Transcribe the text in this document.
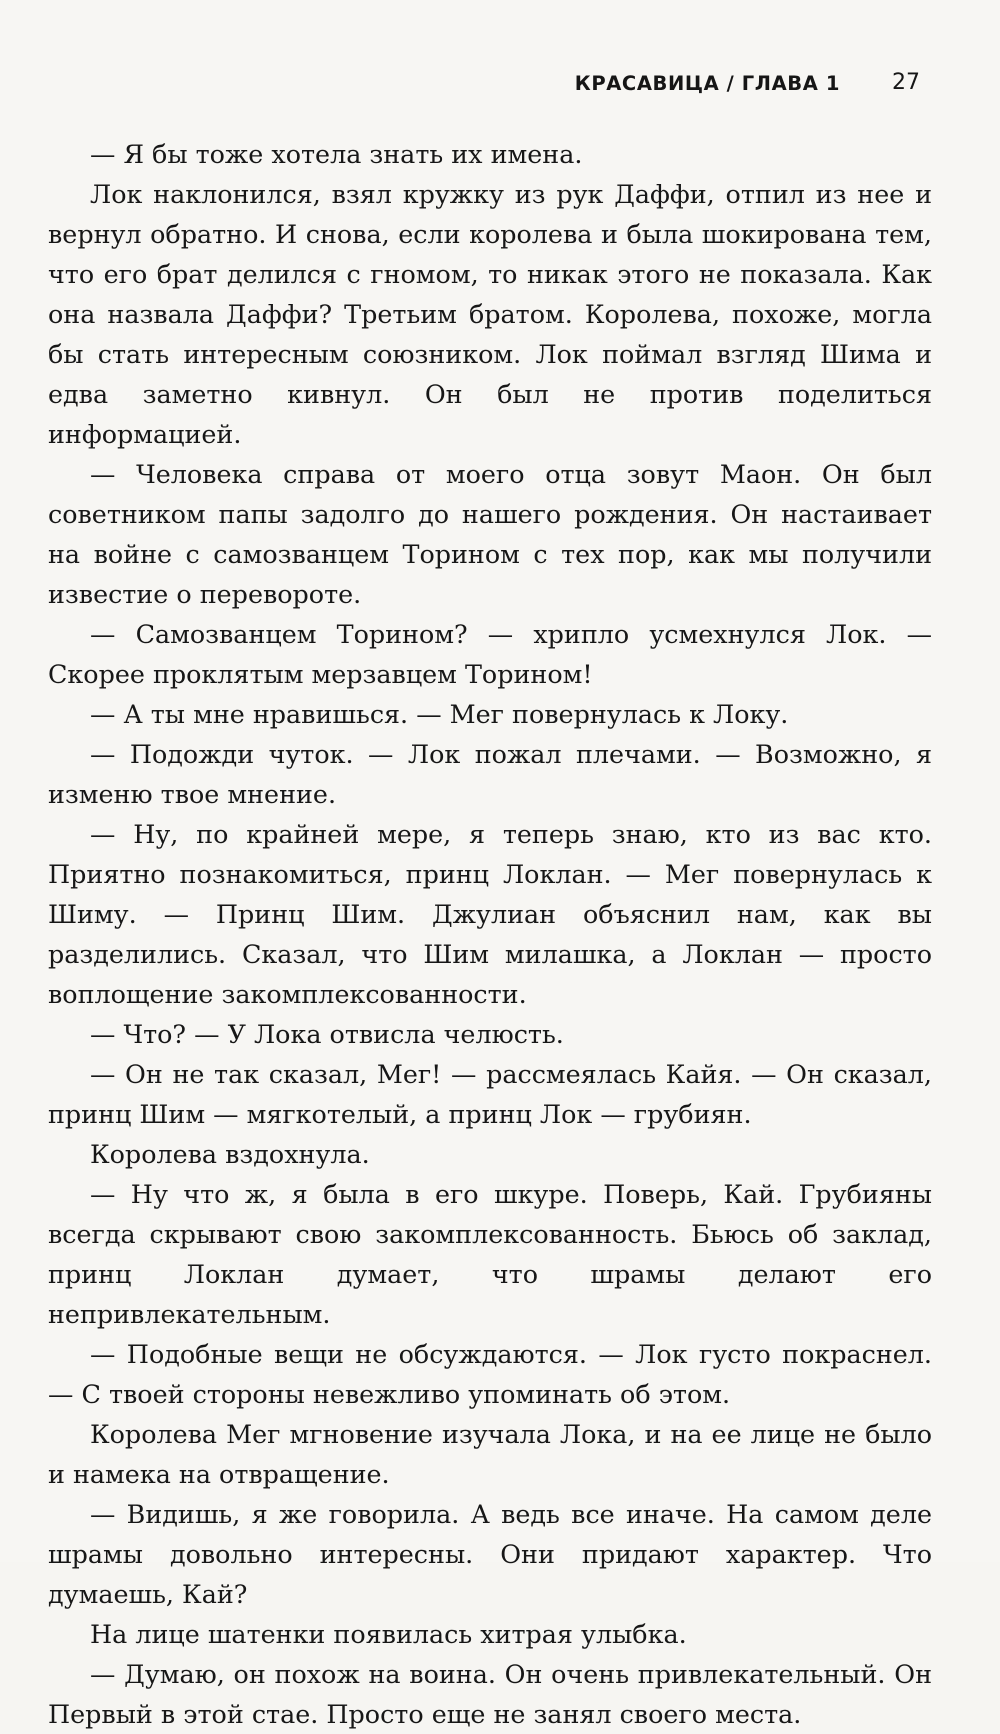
КРАСАВИЦА / ГЛАВА 1 27

— Я бы тоже хотела знать их имена.

Лок наклонился, взял кружку из рук Даффи, отпил из нее и вернул обратно. И снова, если королева и была шокирована тем, что его брат делился с гномом, то никак этого не показала. Как она назвала Даффи? Третьим братом. Королева, похоже, могла бы стать интересным союзником. Лок поймал взгляд Шима и едва заметно кивнул. Он был не против поделиться информацией.

— Человека справа от моего отца зовут Маон. Он был советником папы задолго до нашего рождения. Он настаивает на войне с самозванцем Торином с тех пор, как мы получили известие о перевороте.

— Самозванцем Торином? — хрипло усмехнулся Лок. — Скорее проклятым мерзавцем Торином!

— А ты мне нравишься. — Мег повернулась к Локу.

— Подожди чуток. — Лок пожал плечами. — Возможно, я изменю твое мнение.

— Ну, по крайней мере, я теперь знаю, кто из вас кто. Приятно познакомиться, принц Локлан. — Мег повернулась к Шиму. — Принц Шим. Джулиан объяснил нам, как вы разделились. Сказал, что Шим милашка, а Локлан — просто воплощение закомплексованности.

— Что? — У Лока отвисла челюсть.

— Он не так сказал, Мег! — рассмеялась Кайя. — Он сказал, принц Шим — мягкотелый, а принц Лок — грубиян.

Королева вздохнула.

— Ну что ж, я была в его шкуре. Поверь, Кай. Грубияны всегда скрывают свою закомплексованность. Бьюсь об заклад, принц Локлан думает, что шрамы делают его непривлекательным.

— Подобные вещи не обсуждаются. — Лок густо покраснел. — С твоей стороны невежливо упоминать об этом.

Королева Мег мгновение изучала Лока, и на ее лице не было и намека на отвращение.

— Видишь, я же говорила. А ведь все иначе. На самом деле шрамы довольно интересны. Они придают характер. Что думаешь, Кай?

На лице шатенки появилась хитрая улыбка.

— Думаю, он похож на воина. Он очень привлекательный. Он Первый в этой стае. Просто еще не занял своего места.
